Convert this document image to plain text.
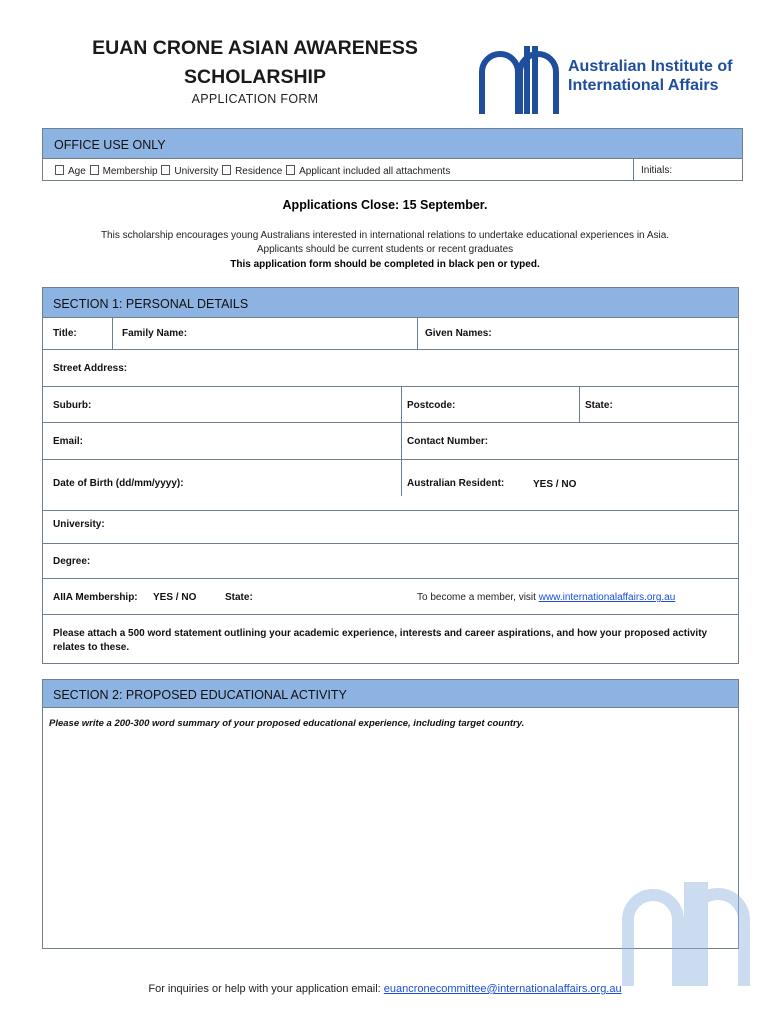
EUAN CRONE ASIAN AWARENESS
SCHOLARSHIP
APPLICATION FORM
Australian Institute of
International Affairs
OFFICE USE ONLY
Age Membership University Residence Applicant included all attachments	Initials:
Applications Close: 15 September.
This scholarship encourages young Australians interested in international relations to undertake educational experiences in Asia.
Applicants should be current students or recent graduates
This application form should be completed in black pen or typed.
SECTION 1: PERSONAL DETAILS
Title:	Family Name:	Given Names:
Street Address:
Suburb:	Postcode:	State:
Email:	Contact Number:
Date of Birth (dd/mm/yyyy):	Australian Resident:	YES / NO
University:
Degree:
AIIA Membership: YES / NO	State:	To become a member, visit www.internationalaffairs.org.au
Please attach a 500 word statement outlining your academic experience, interests and career aspirations, and how your proposed activity
relates to these.
SECTION 2: PROPOSED EDUCATIONAL ACTIVITY
Please write a 200-300 word summary of your proposed educational experience, including target country.
For inquiries or help with your application email: euancronecommittee@internationalaffairs.org.au
